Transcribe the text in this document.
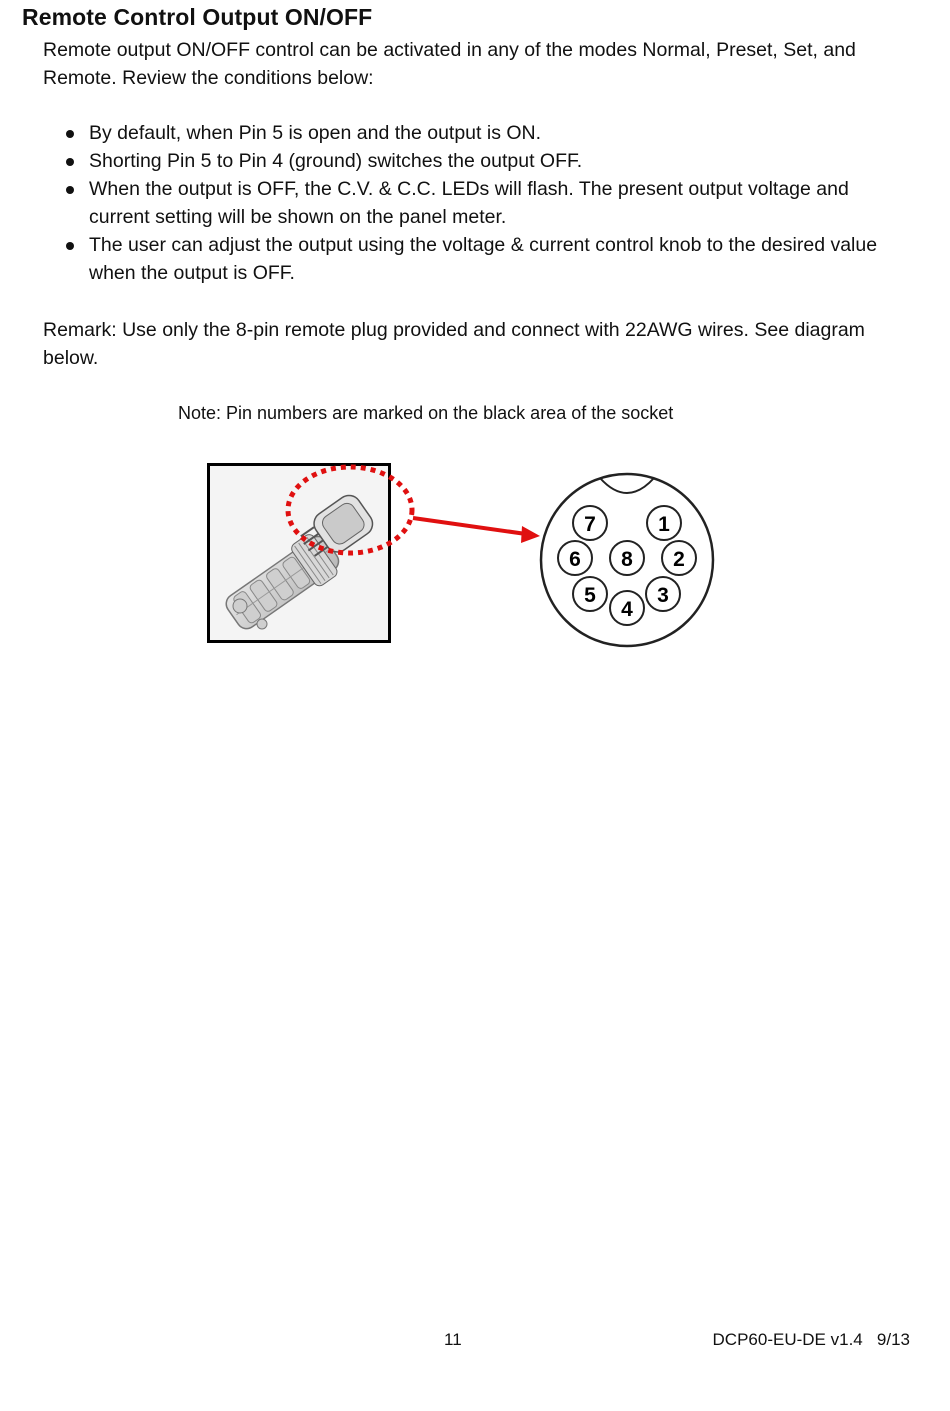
Remote Control Output ON/OFF

Remote output ON/OFF control can be activated in any of the modes Normal, Preset, Set, and Remote. Review the conditions below:

By default, when Pin 5 is open and the output is ON.
Shorting Pin 5 to Pin 4 (ground) switches the output OFF.
When the output is OFF, the C.V. & C.C. LEDs will flash. The present output voltage and current setting will be shown on the panel meter.
The user can adjust the output using the voltage & current control knob to the desired value when the output is OFF.

Remark: Use only the 8-pin remote plug provided and connect with 22AWG wires. See diagram below.

Note: Pin numbers are marked on the black area of the socket
7	1
6 8 2
5
4
3
11	DCP60-EU-DE v1.4   9/13
